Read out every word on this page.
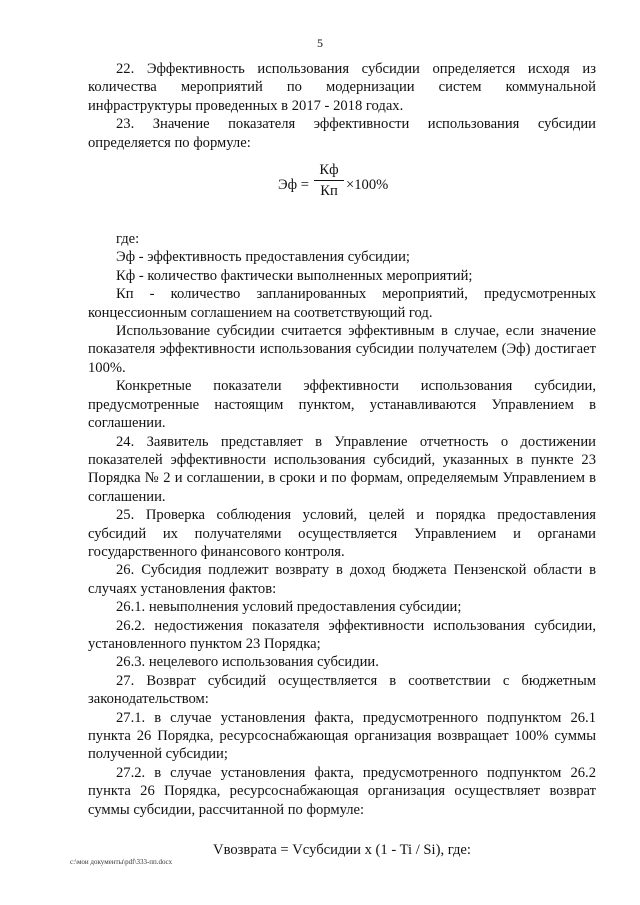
5

22. Эффективность использования субсидии определяется исходя из количества мероприятий по модернизации систем коммунальной инфраструктуры проведенных в 2017 - 2018 годах.

23. Значение показателя эффективности использования субсидии определяется по формуле:

Эф =
Кф
Кп ×100%

где:

Эф - эффективность предоставления субсидии;

Кф - количество фактически выполненных мероприятий;

Кп - количество запланированных мероприятий, предусмотренных концессионным соглашением на соответствующий год.

Использование субсидии считается эффективным в случае, если значение показателя эффективности использования субсидии получателем (Эф) достигает 100%.

Конкретные показатели эффективности использования субсидии, предусмотренные настоящим пунктом, устанавливаются Управлением в соглашении.

24. Заявитель представляет в Управление отчетность о достижении показателей эффективности использования субсидий, указанных в пункте 23 Порядка № 2 и соглашении, в сроки и по формам, определяемым Управлением в соглашении.

25. Проверка соблюдения условий, целей и порядка предоставления субсидий их получателями осуществляется Управлением и органами государственного финансового контроля.

26. Субсидия подлежит возврату в доход бюджета Пензенской области в случаях установления фактов:

26.1. невыполнения условий предоставления субсидии;

26.2. недостижения показателя эффективности использования субсидии, установленного пунктом 23 Порядка;

26.3. нецелевого использования субсидии.

27. Возврат субсидий осуществляется в соответствии с бюджетным законодательством:

27.1. в случае установления факта, предусмотренного подпунктом 26.1 пункта 26 Порядка, ресурсоснабжающая организация возвращает 100% суммы полученной субсидии;

27.2. в случае установления факта, предусмотренного подпунктом 26.2 пункта 26 Порядка, ресурсоснабжающая организация осуществляет возврат суммы субсидии, рассчитанной по формуле:

Vвозврата = Vсубсидии x (1 - Ti / Si), где:
c:\мои документы\pdf\333-пп.docx
